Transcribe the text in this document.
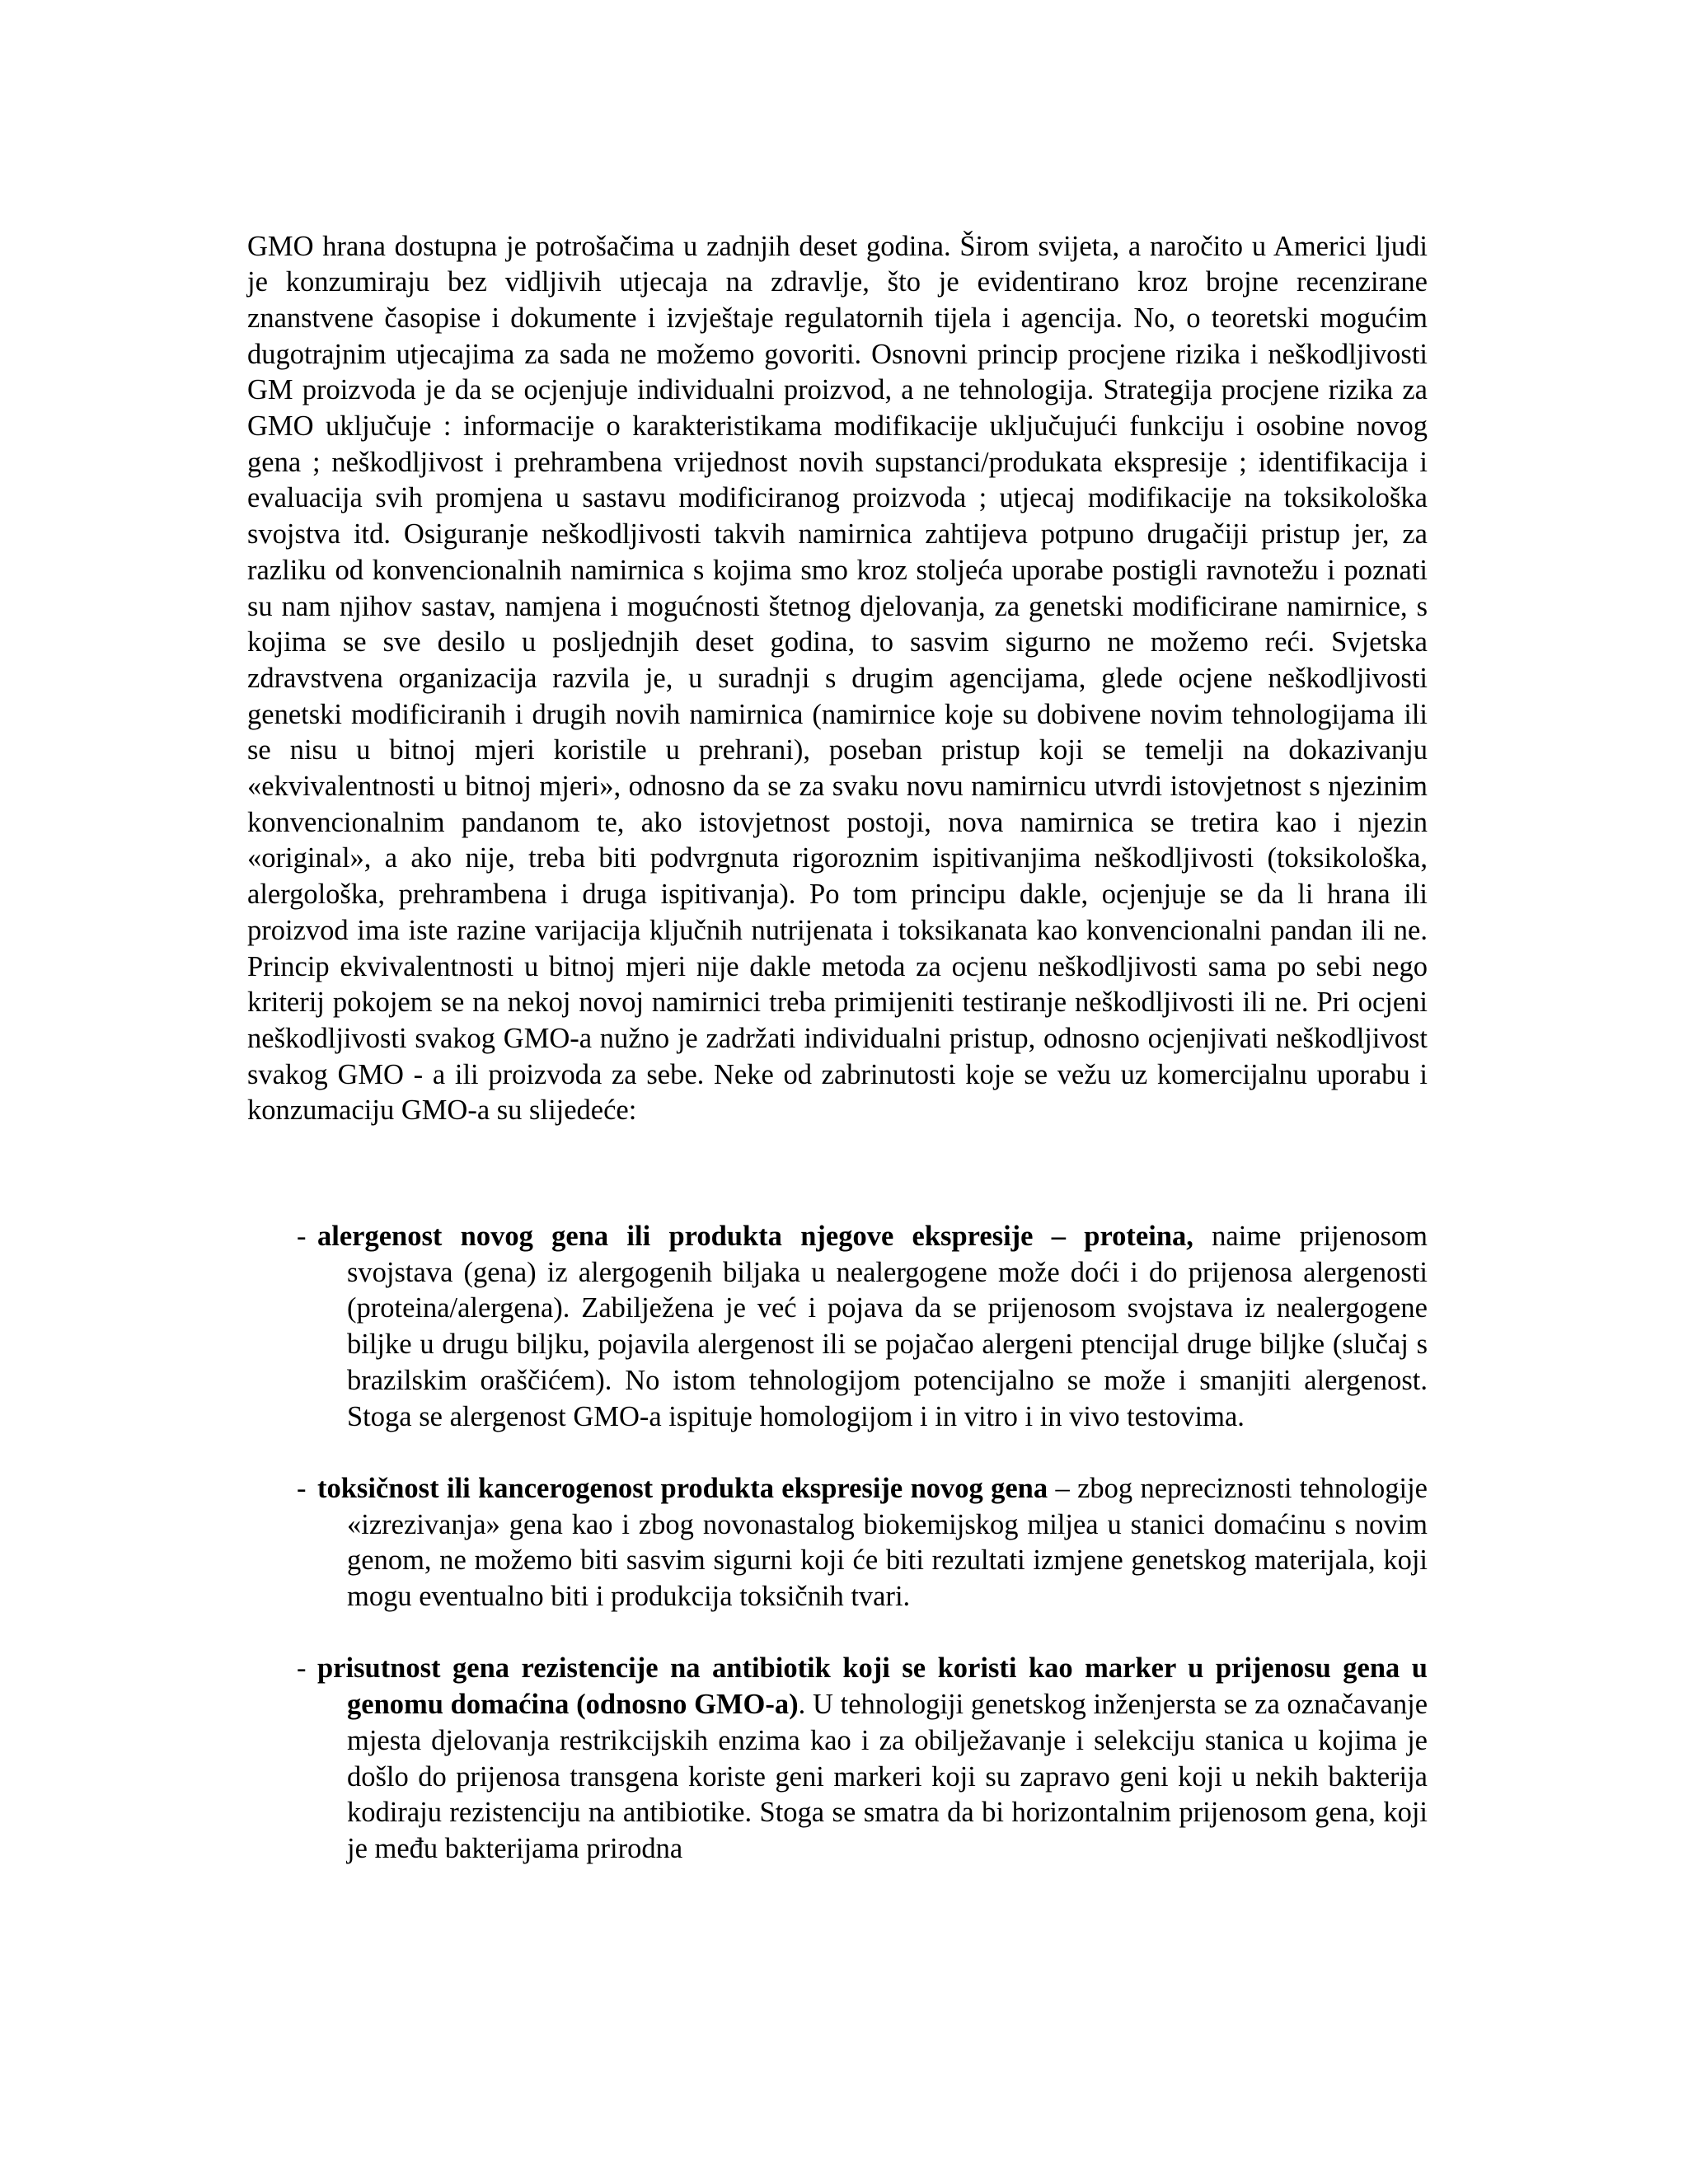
GMO hrana dostupna je potrošačima u zadnjih deset godina. Širom svijeta, a naročito u Americi ljudi je konzumiraju bez vidljivih utjecaja na zdravlje, što je evidentirano kroz brojne recenzirane znanstvene časopise i dokumente i izvještaje regulatornih tijela i agencija. No, o teoretski mogućim dugotrajnim utjecajima za sada ne možemo govoriti. Osnovni princip procjene rizika i neškodljivosti GM proizvoda je da se ocjenjuje individualni proizvod, a ne tehnologija. Strategija procjene rizika za GMO uključuje : informacije o karakteristikama modifikacije uključujući funkciju i osobine novog gena ; neškodljivost i prehrambena vrijednost novih supstanci/produkata ekspresije ; identifikacija i evaluacija svih promjena u sastavu modificiranog proizvoda ; utjecaj modifikacije na toksikološka svojstva itd. Osiguranje neškodljivosti takvih namirnica zahtijeva potpuno drugačiji pristup jer, za razliku od konvencionalnih namirnica s kojima smo kroz stoljeća uporabe postigli ravnotežu i poznati su nam njihov sastav, namjena i mogućnosti štetnog djelovanja, za genetski modificirane namirnice, s kojima se sve desilo u posljednjih deset godina, to sasvim sigurno ne možemo reći. Svjetska zdravstvena organizacija razvila je, u suradnji s drugim agencijama, glede ocjene neškodljivosti genetski modificiranih i drugih novih namirnica (namirnice koje su dobivene novim tehnologijama ili se nisu u bitnoj mjeri koristile u prehrani), poseban pristup koji se temelji na dokazivanju «ekvivalentnosti u bitnoj mjeri», odnosno da se za svaku novu namirnicu utvrdi istovjetnost s njezinim konvencionalnim pandanom te, ako istovjetnost postoji, nova namirnica se tretira kao i njezin «original», a ako nije, treba biti podvrgnuta rigoroznim ispitivanjima neškodljivosti (toksikološka, alergološka, prehrambena i druga ispitivanja). Po tom principu dakle, ocjenjuje se da li hrana ili proizvod ima iste razine varijacija ključnih nutrijenata i toksikanata kao konvencionalni pandan ili ne. Princip ekvivalentnosti u bitnoj mjeri nije dakle metoda za ocjenu neškodljivosti sama po sebi nego kriterij pokojem se na nekoj novoj namirnici treba primijeniti testiranje neškodljivosti ili ne. Pri ocjeni neškodljivosti svakog GMO-a nužno je zadržati individualni pristup, odnosno ocjenjivati neškodljivost svakog GMO - a ili proizvoda za sebe. Neke od zabrinutosti koje se vežu uz komercijalnu uporabu i konzumaciju GMO-a su slijedeće:

- alergenost novog gena ili produkta njegove ekspresije – proteina, naime prijenosom svojstava (gena) iz alergogenih biljaka u nealergogene može doći i do prijenosa alergenosti (proteina/alergena). Zabilježena je već i pojava da se prijenosom svojstava iz nealergogene biljke u drugu biljku, pojavila alergenost ili se pojačao alergeni ptencijal druge biljke (slučaj s brazilskim oraščićem). No istom tehnologijom potencijalno se može i smanjiti alergenost. Stoga se alergenost GMO-a ispituje homologijom i in vitro i in vivo testovima.
- toksičnost ili kancerogenost produkta ekspresije novog gena – zbog nepreciznosti tehnologije «izrezivanja» gena kao i zbog novonastalog biokemijskog miljea u stanici domaćinu s novim genom, ne možemo biti sasvim sigurni koji će biti rezultati izmjene genetskog materijala, koji mogu eventualno biti i produkcija toksičnih tvari.
- prisutnost gena rezistencije na antibiotik koji se koristi kao marker u prijenosu gena u genomu domaćina (odnosno GMO-a). U tehnologiji genetskog inženjersta se za označavanje mjesta djelovanja restrikcijskih enzima kao i za obilježavanje i selekciju stanica u kojima je došlo do prijenosa transgena koriste geni markeri koji su zapravo geni koji u nekih bakterija kodiraju rezistenciju na antibiotike. Stoga se smatra da bi horizontalnim prijenosom gena, koji je među bakterijama prirodna
